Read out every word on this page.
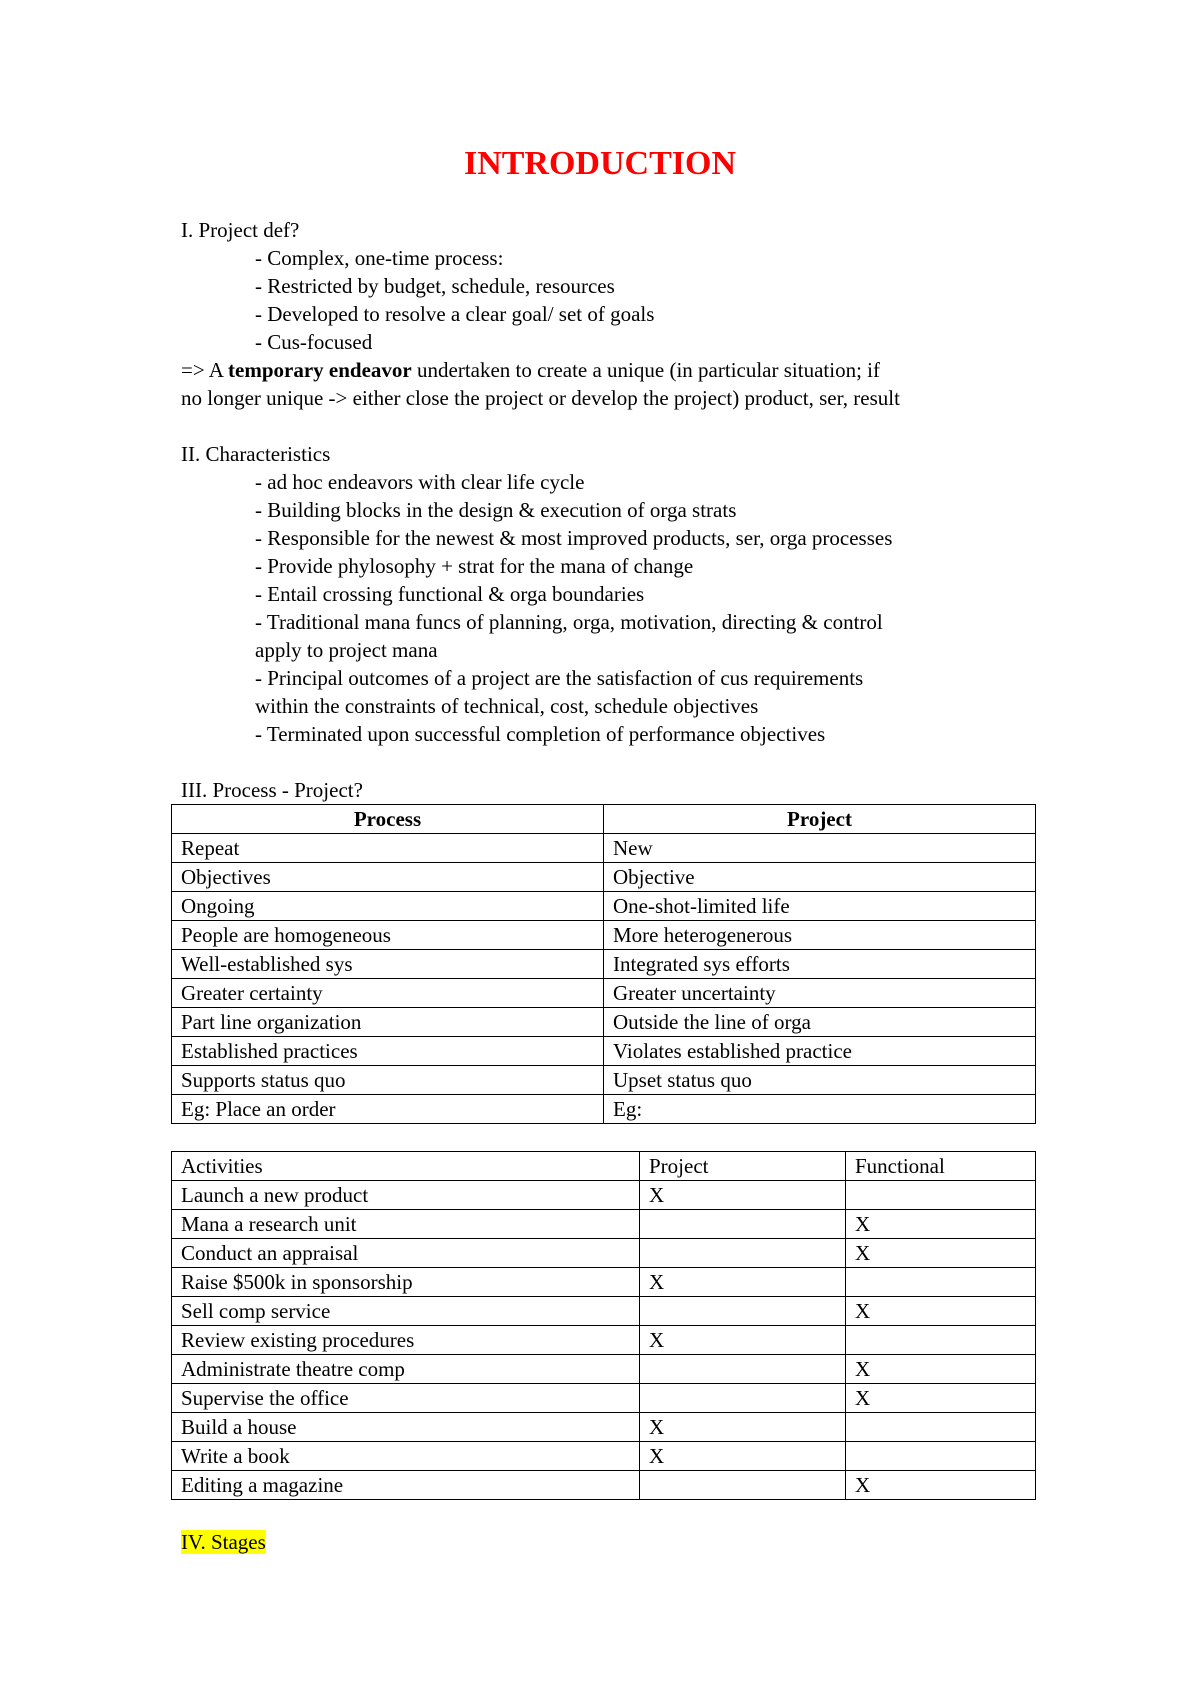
INTRODUCTION
I. Project def?
- Complex, one-time process:
- Restricted by budget, schedule, resources
- Developed to resolve a clear goal/ set of goals
- Cus-focused
=> A temporary endeavor undertaken to create a unique (in particular situation; if
no longer unique -> either close the project or develop the project) product, ser, result
II. Characteristics
- ad hoc endeavors with clear life cycle
- Building blocks in the design & execution of orga strats
- Responsible for the newest & most improved products, ser, orga processes
- Provide phylosophy + strat for the mana of change
- Entail crossing functional & orga boundaries
- Traditional mana funcs of planning, orga, motivation, directing & control
apply to project mana
- Principal outcomes of a project are the satisfaction of cus requirements
within the constraints of technical, cost, schedule objectives
- Terminated upon successful completion of performance objectives
III. Process - Project?
Process	Project
Repeat	New
Objectives	Objective
Ongoing	One-shot-limited life
People are homogeneous	More heterogenerous
Well-established sys	Integrated sys efforts
Greater certainty	Greater uncertainty
Part line organization	Outside the line of orga
Established practices	Violates established practice
Supports status quo	Upset status quo
Eg: Place an order	Eg:
Activities	Project	Functional
Launch a new product	X	
Mana a research unit		X
Conduct an appraisal		X
Raise $500k in sponsorship	X	
Sell comp service		X
Review existing procedures	X	
Administrate theatre comp		X
Supervise the office		X
Build a house	X	
Write a book	X	
Editing a magazine		X
IV. Stages
